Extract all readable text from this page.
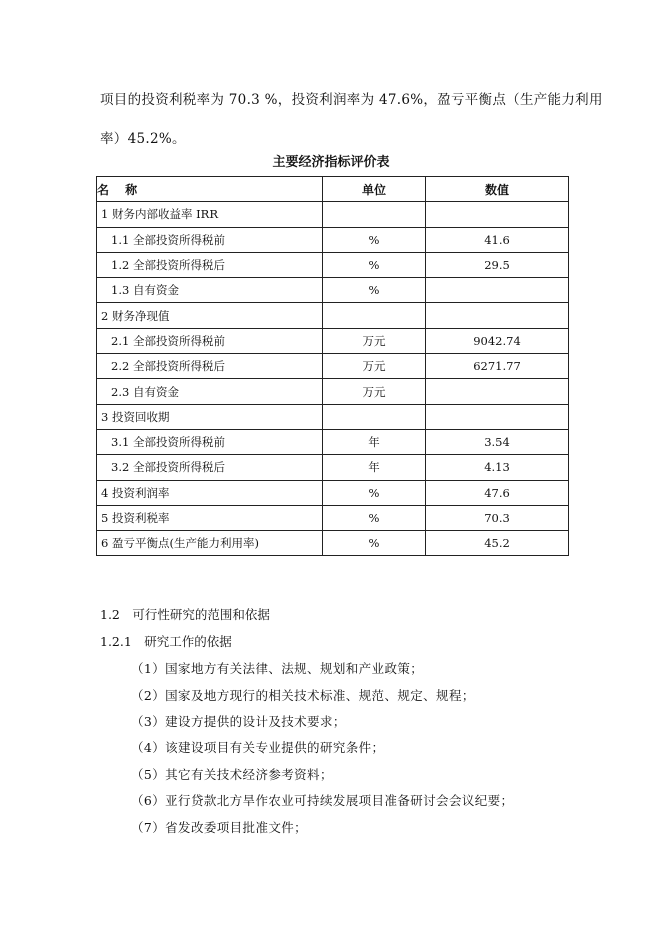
项目的投资利税率为 70.3 %，投资利润率为 47.6%，盈亏平衡点（生产能力利用
率）45.2%。
主要经济指标评价表
名　 称	单位	数值
1 财务内部收益率 IRR		
1.1 全部投资所得税前	%	41.6
1.2 全部投资所得税后	%	29.5
1.3 自有资金	%	
2 财务净现值		
2.1 全部投资所得税前	万元	9042.74
2.2 全部投资所得税后	万元	6271.77
2.3 自有资金	万元	
3 投资回收期		
3.1 全部投资所得税前	年	3.54
3.2 全部投资所得税后	年	4.13
4 投资利润率	%	47.6
5 投资利税率	%	70.3
6 盈亏平衡点(生产能力利用率)	%	45.2
1.2　可行性研究的范围和依据
1.2.1　研究工作的依据
（1）国家地方有关法律、法规、规划和产业政策；
（2）国家及地方现行的相关技术标准、规范、规定、规程；
（3）建设方提供的设计及技术要求；
（4）该建设项目有关专业提供的研究条件；
（5）其它有关技术经济参考资料；
（6）亚行贷款北方旱作农业可持续发展项目准备研讨会会议纪要；
（7）省发改委项目批准文件；
